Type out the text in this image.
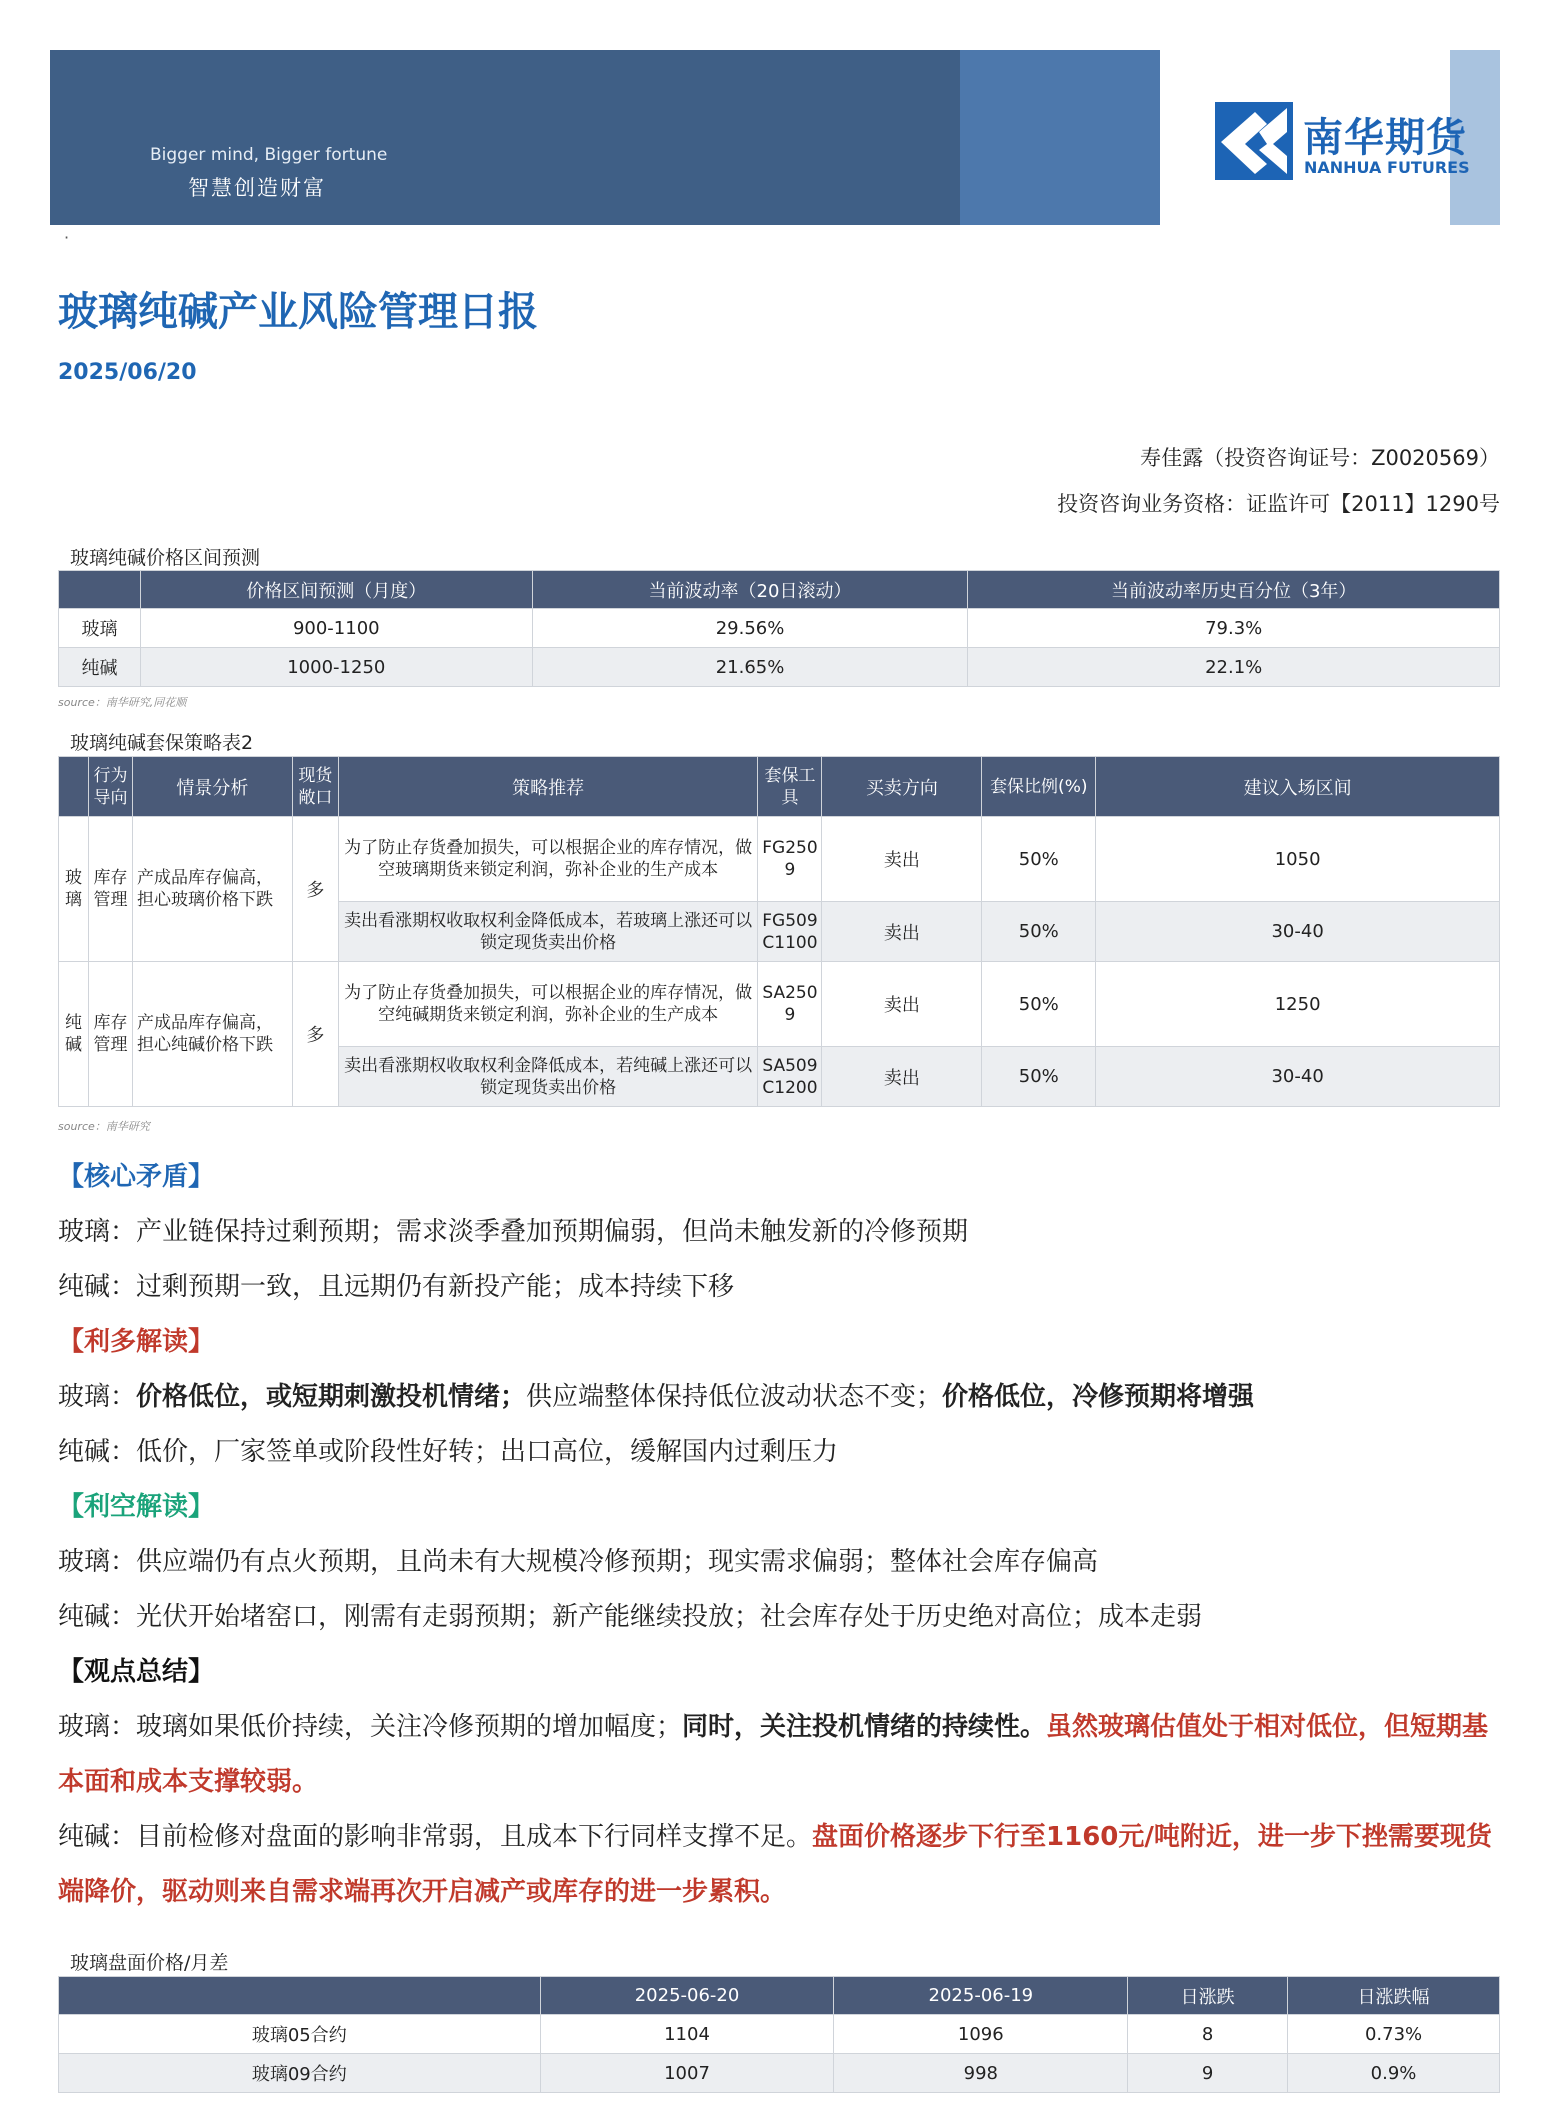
Bigger mind, Bigger fortune
智慧创造财富
南华期货
NANHUA FUTURES
·
玻璃纯碱产业风险管理日报
2025/06/20
寿佳露（投资咨询证号：Z0020569）
投资咨询业务资格：证监许可【2011】1290号
玻璃纯碱价格区间预测
	价格区间预测（月度）	当前波动率（20日滚动）	当前波动率历史百分位（3年）
玻璃	900-1100	29.56%	79.3%
纯碱	1000-1250	21.65%	22.1%
source：南华研究,同花顺
玻璃纯碱套保策略表2
	行为导向	情景分析	现货敞口	策略推荐	套保工具	买卖方向	套保比例(%)	建议入场区间
玻璃	库存管理	产成品库存偏高，担心玻璃价格下跌	多	为了防止存货叠加损失，可以根据企业的库存情况，做空玻璃期货来锁定利润，弥补企业的生产成本	FG2509	卖出	50%	1050
				卖出看涨期权收取权利金降低成本，若玻璃上涨还可以锁定现货卖出价格	FG509C1100	卖出	50%	30-40
纯碱	库存管理	产成品库存偏高，担心纯碱价格下跌	多	为了防止存货叠加损失，可以根据企业的库存情况，做空纯碱期货来锁定利润，弥补企业的生产成本	SA2509	卖出	50%	1250
				卖出看涨期权收取权利金降低成本，若纯碱上涨还可以锁定现货卖出价格	SA509C1200	卖出	50%	30-40
source：南华研究
【核心矛盾】
玻璃：产业链保持过剩预期；需求淡季叠加预期偏弱，但尚未触发新的冷修预期
纯碱：过剩预期一致，且远期仍有新投产能；成本持续下移
【利多解读】
玻璃：价格低位，或短期刺激投机情绪；供应端整体保持低位波动状态不变；价格低位，冷修预期将增强
纯碱：低价，厂家签单或阶段性好转；出口高位，缓解国内过剩压力
【利空解读】
玻璃：供应端仍有点火预期，且尚未有大规模冷修预期；现实需求偏弱；整体社会库存偏高
纯碱：光伏开始堵窑口，刚需有走弱预期；新产能继续投放；社会库存处于历史绝对高位；成本走弱
【观点总结】
玻璃：玻璃如果低价持续，关注冷修预期的增加幅度；同时，关注投机情绪的持续性。虽然玻璃估值处于相对低位，但短期基本面和成本支撑较弱。
纯碱：目前检修对盘面的影响非常弱，且成本下行同样支撑不足。盘面价格逐步下行至1160元/吨附近，进一步下挫需要现货端降价，驱动则来自需求端再次开启减产或库存的进一步累积。
玻璃盘面价格/月差
	2025-06-20	2025-06-19	日涨跌	日涨跌幅
玻璃05合约	1104	1096	8	0.73%
玻璃09合约	1007	998	9	0.9%
